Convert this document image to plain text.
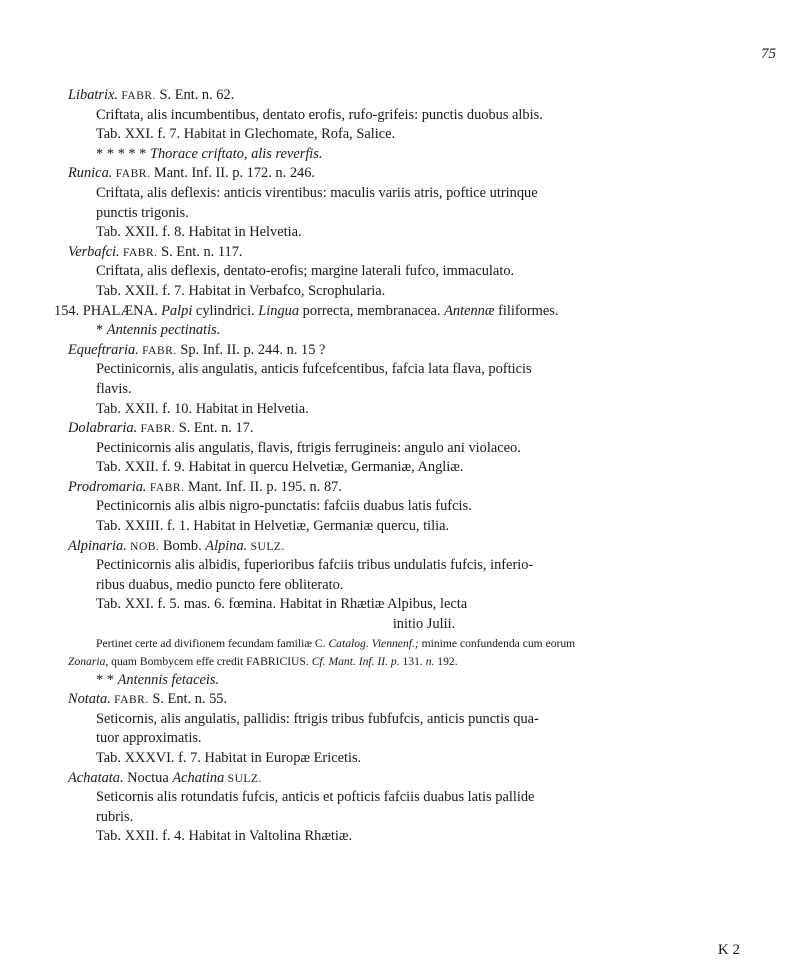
75
Libatrix. FABR. S. Ent. n. 62.
Criftata, alis incumbentibus, dentato erofis, rufo-grifeis: punctis duobus albis.
Tab. XXI. f. 7. Habitat in Glechomate, Rofa, Salice.
* * * * * Thorace criftato, alis reverfis.
Runica. FABR. Mant. Inf. II. p. 172. n. 246.
Criftata, alis deflexis: anticis virentibus: maculis variis atris, poftice utrinque
punctis trigonis.
Tab. XXII. f. 8. Habitat in Helvetia.
Verbafci. FABR. S. Ent. n. 117.
Criftata, alis deflexis, dentato-erofis; margine laterali fufco, immaculato.
Tab. XXII. f. 7. Habitat in Verbafco, Scrophularia.
154. PHALÆNA. Palpi cylindrici. Lingua porrecta, membranacea. Antennæ filiformes.
* Antennis pectinatis.
Equeftraria. FABR. Sp. Inf. II. p. 244. n. 15 ?
Pectinicornis, alis angulatis, anticis fufcefcentibus, fafcia lata flava, pofticis
flavis.
Tab. XXII. f. 10. Habitat in Helvetia.
Dolabraria. FABR. S. Ent. n. 17.
Pectinicornis alis angulatis, flavis, ftrigis ferrugineis: angulo ani violaceo.
Tab. XXII. f. 9. Habitat in quercu Helvetiæ, Germaniæ, Angliæ.
Prodromaria. FABR. Mant. Inf. II. p. 195. n. 87.
Pectinicornis alis albis nigro-punctatis: fafciis duabus latis fufcis.
Tab. XXIII. f. 1. Habitat in Helvetiæ, Germaniæ quercu, tilia.
Alpinaria. NOB. Bomb. Alpina. SULZ.
Pectinicornis alis albidis, fuperioribus fafciis tribus undulatis fufcis, inferio-
ribus duabus, medio puncto fere obliterato.
Tab. XXI. f. 5. mas. 6. fœmina. Habitat in Rhætiæ Alpibus, lecta
initio Julii.
Pertinet certe ad divifionem fecundam familiæ C. Catalog. Viennenf.; minime confundenda cum eorum
Zonaria, quam Bombycem effe credit FABRICIUS. Cf. Mant. Inf. II. p. 131. n. 192.
* * Antennis fetaceis.
Notata. FABR. S. Ent. n. 55.
Seticornis, alis angulatis, pallidis: ftrigis tribus fubfufcis, anticis punctis qua-
tuor approximatis.
Tab. XXXVI. f. 7. Habitat in Europæ Ericetis.
Achatata. Noctua Achatina SULZ.
Seticornis alis rotundatis fufcis, anticis et pofticis fafciis duabus latis pallide
rubris.
Tab. XXII. f. 4. Habitat in Valtolina Rhætiæ.
K 2
